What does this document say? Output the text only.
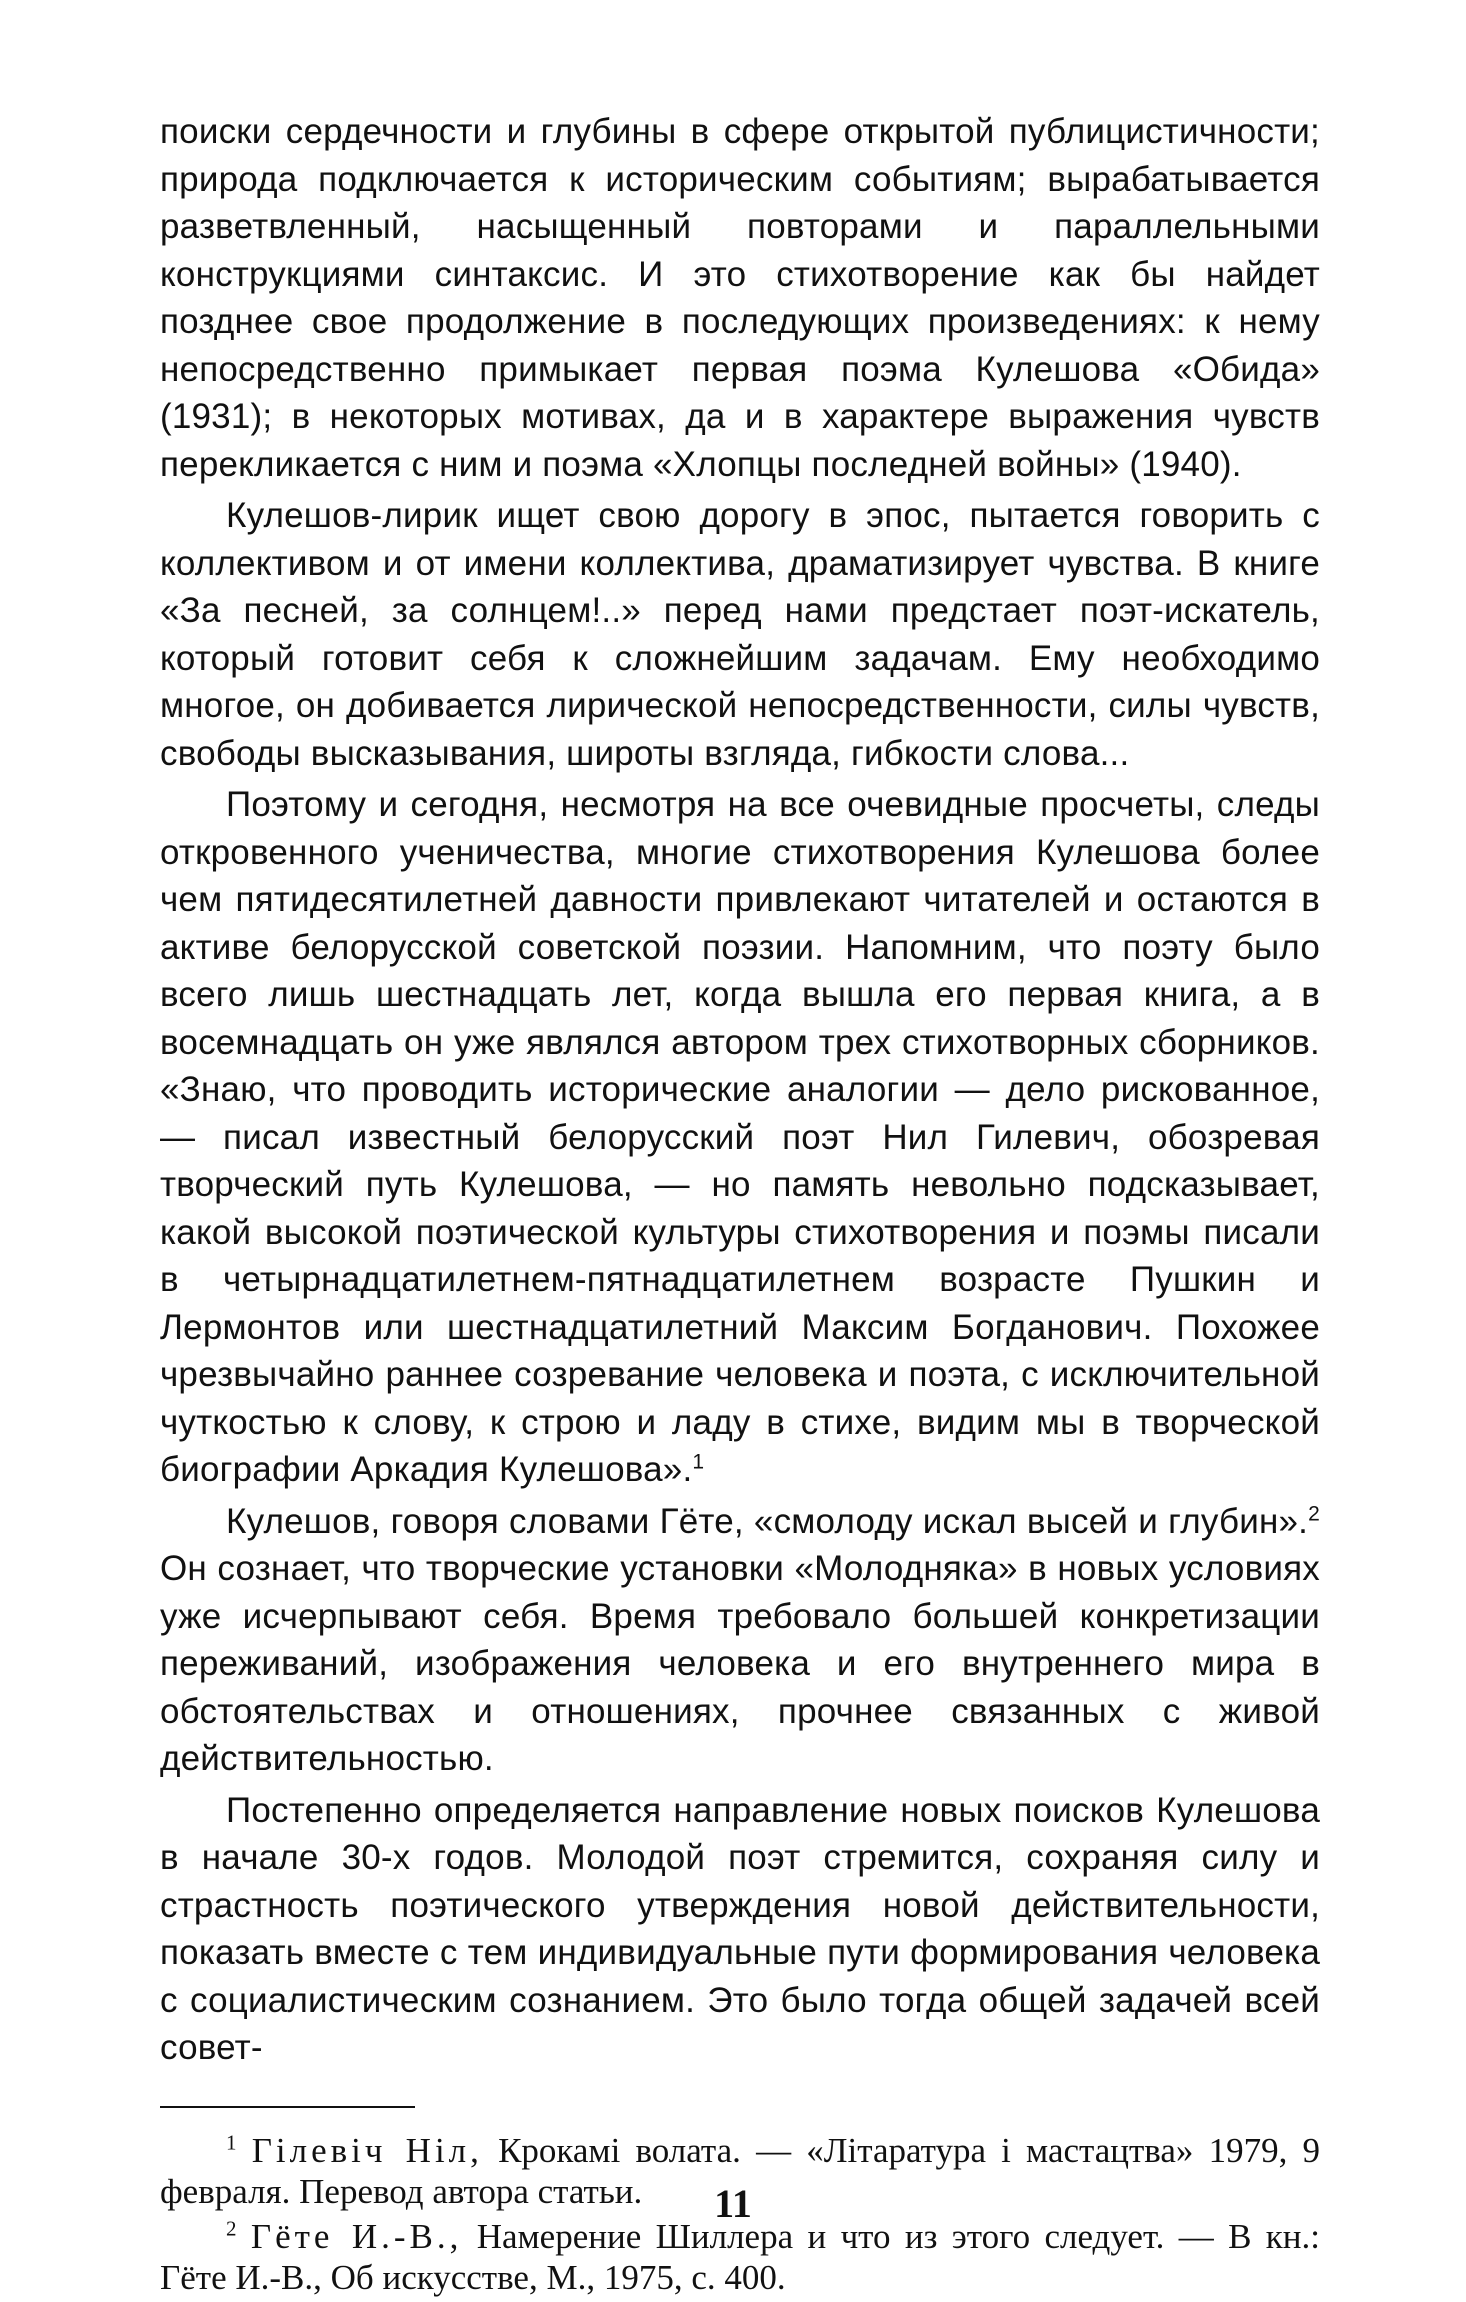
поиски сердечности и глубины в сфере открытой публицистичности; природа подключается к историческим событиям; вырабатывается разветвленный, насыщенный повторами и параллельными конструкциями синтаксис. И это стихотворение как бы найдет позднее свое продолжение в последующих произведениях: к нему непосредственно примыкает первая поэма Кулешова «Обида» (1931); в некоторых мотивах, да и в характере выражения чувств перекликается с ним и поэма «Хлопцы последней войны» (1940).

Кулешов-лирик ищет свою дорогу в эпос, пытается говорить с коллективом и от имени коллектива, драматизирует чувства. В книге «За песней, за солнцем!..» перед нами предстает поэт-искатель, который готовит себя к сложнейшим задачам. Ему необходимо многое, он добивается лирической непосредственности, силы чувств, свободы высказывания, широты взгляда, гибкости слова...

Поэтому и сегодня, несмотря на все очевидные просчеты, следы откровенного ученичества, многие стихотворения Кулешова более чем пятидесятилетней давности привлекают читателей и остаются в активе белорусской советской поэзии. Напомним, что поэту было всего лишь шестнадцать лет, когда вышла его первая книга, а в восемнадцать он уже являлся автором трех стихотворных сборников. «Знаю, что проводить исторические аналогии — дело рискованное, — писал известный белорусский поэт Нил Гилевич, обозревая творческий путь Кулешова, — но память невольно подсказывает, какой высокой поэтической культуры стихотворения и поэмы писали в четырнадцатилетнем-пятнадцатилетнем возрасте Пушкин и Лермонтов или шестнадцатилетний Максим Богданович. Похожее чрезвычайно раннее созревание человека и поэта, с исключительной чуткостью к слову, к строю и ладу в стихе, видим мы в творческой биографии Аркадия Кулешова».$^1$

Кулешов, говоря словами Гёте, «смолоду искал высей и глубин».$^2$ Он сознает, что творческие установки «Молодняка» в новых условиях уже исчерпывают себя. Время требовало большей конкретизации переживаний, изображения человека и его внутреннего мира в обстоятельствах и отношениях, прочнее связанных с живой действительностью.

Постепенно определяется направление новых поисков Кулешова в начале 30-х годов. Молодой поэт стремится, сохраняя силу и страстность поэтического утверждения новой действительности, показать вместе с тем индивидуальные пути формирования человека с социалистическим сознанием. Это было тогда общей задачей всей совет-

$^1$ Гілевіч Ніл, Крокамі волата. — «Літаратура і мастацтва» 1979, 9 февраля. Перевод автора статьи.

$^2$ Гёте И.-В., Намерение Шиллера и что из этого следует. — В кн.: Гёте И.-В., Об искусстве, М., 1975, с. 400.

11
